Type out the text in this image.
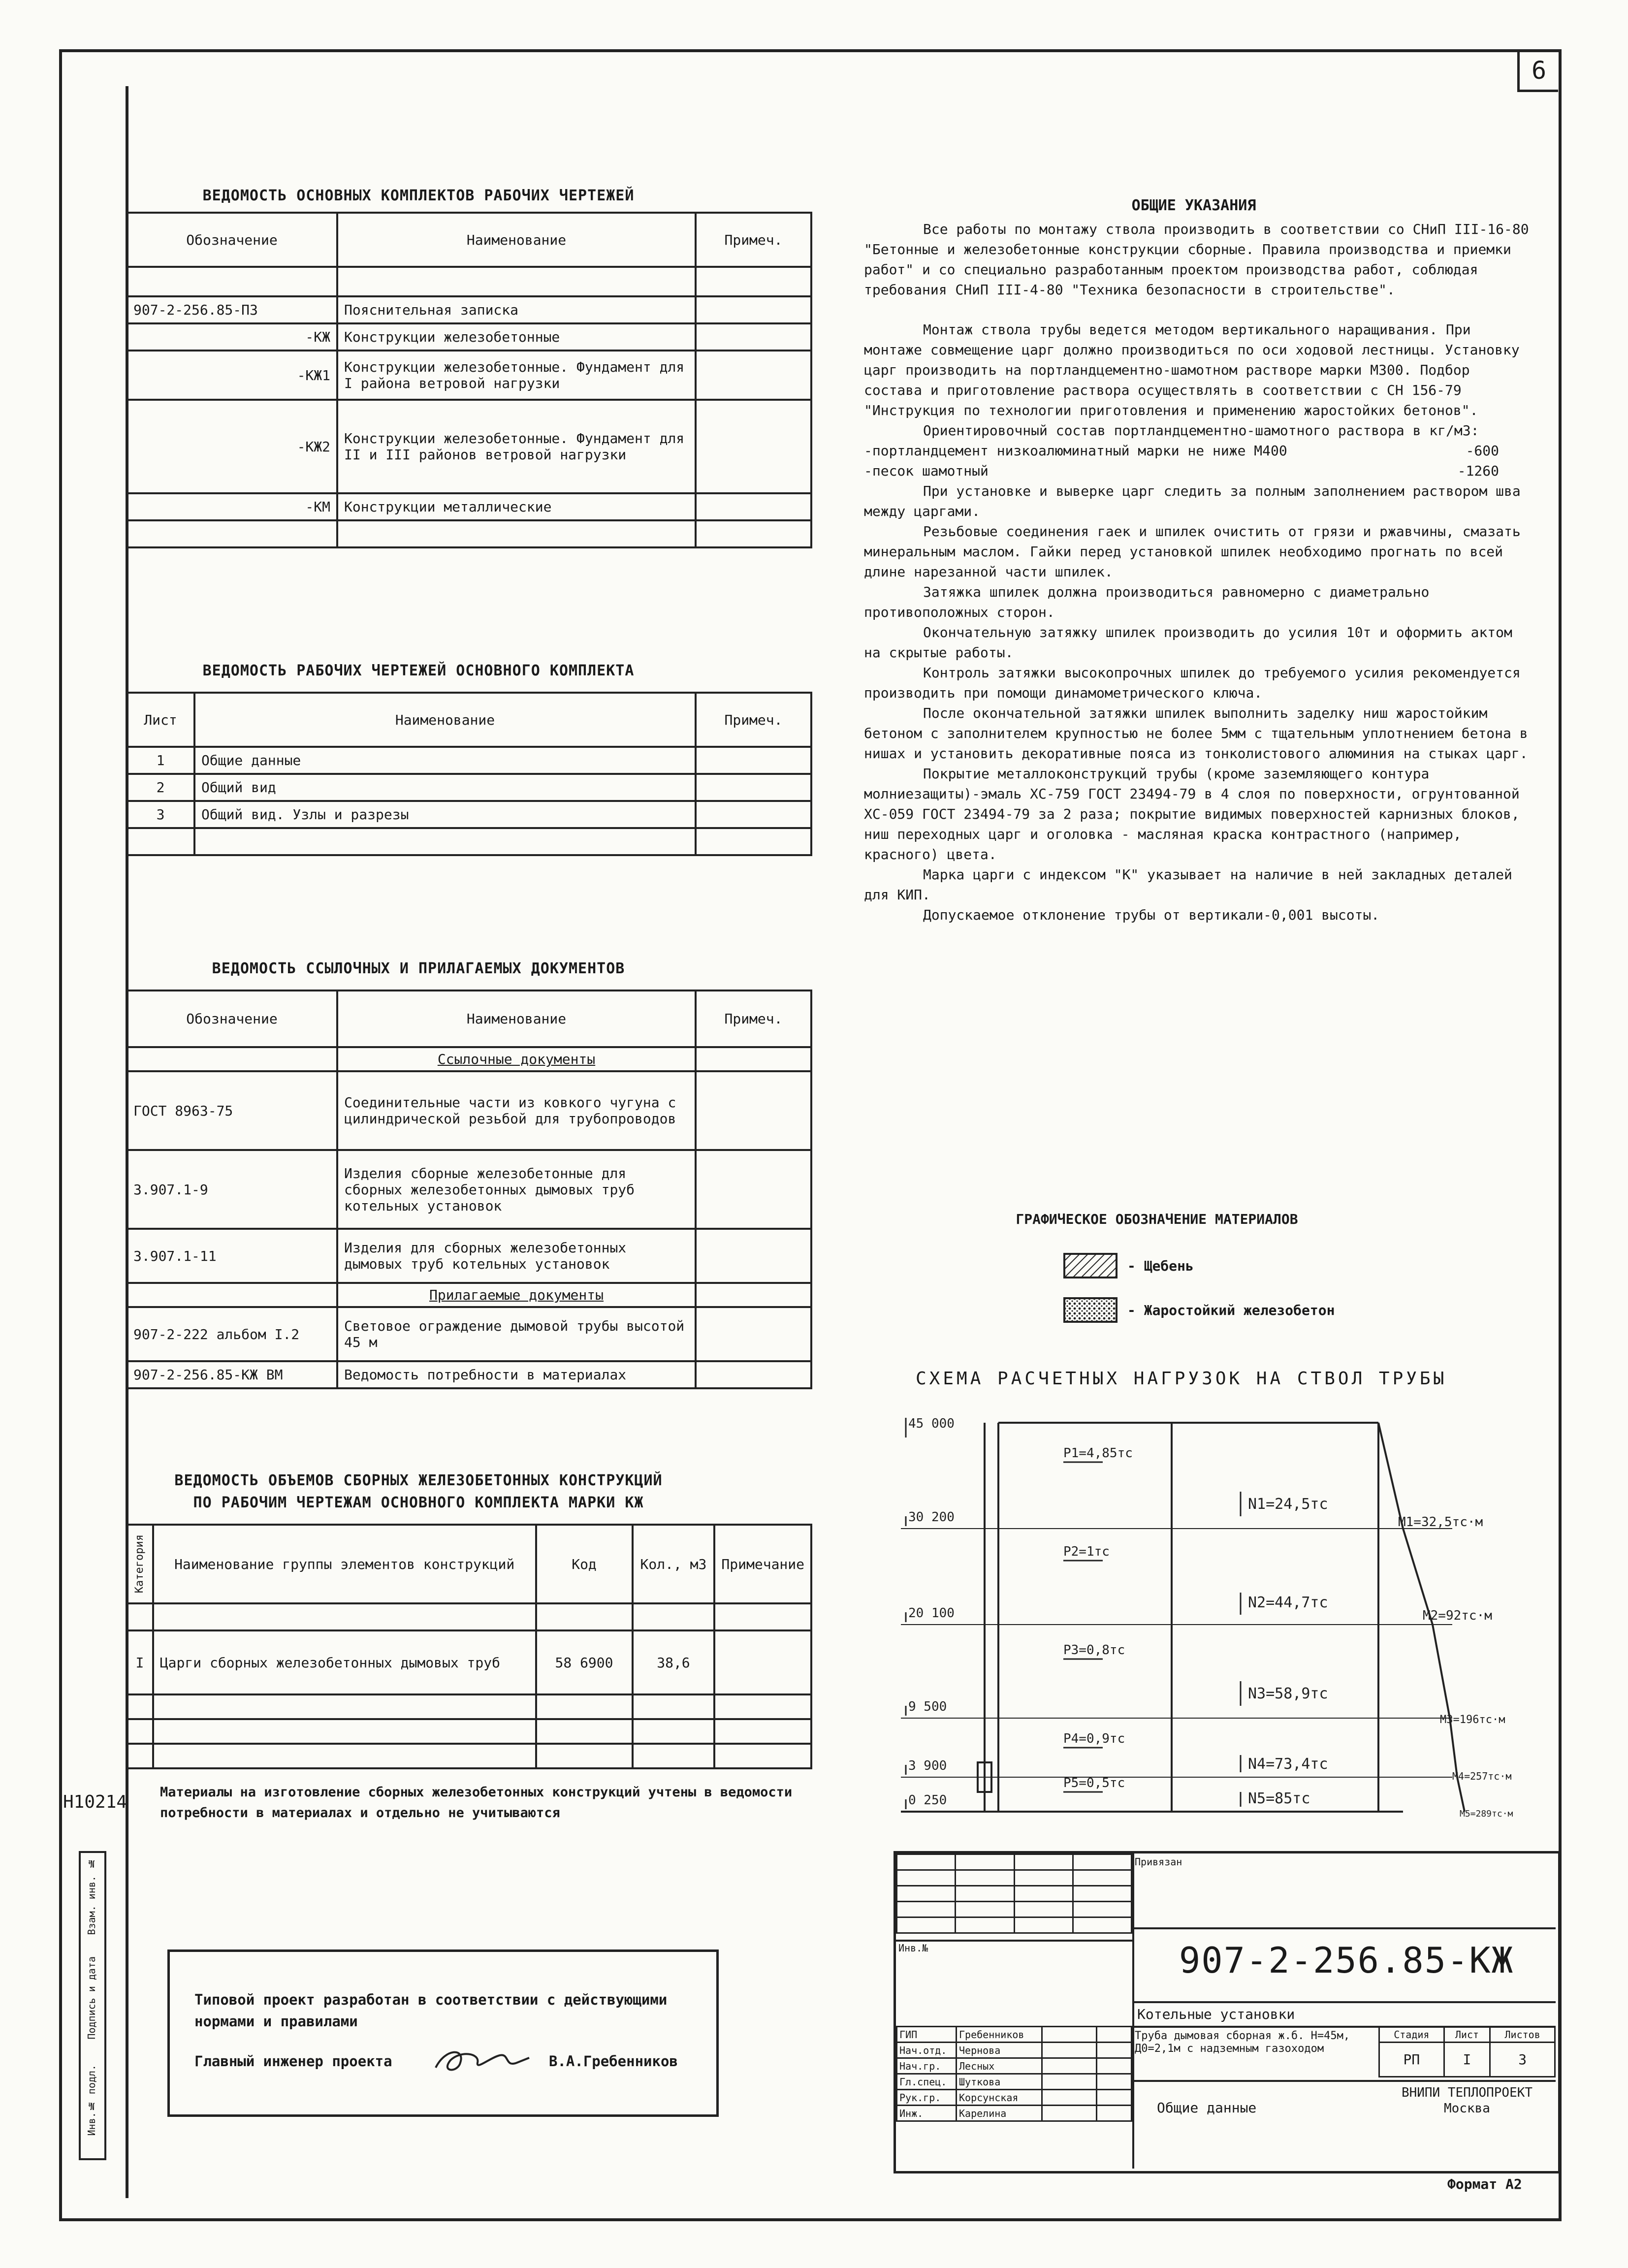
6
Н10214
ВЕДОМОСТЬ ОСНОВНЫХ КОМПЛЕКТОВ РАБОЧИХ ЧЕРТЕЖЕЙ
Обозначение	Наименование	Примеч.

907-2-256.85-ПЗ	Пояснительная записка	
-КЖ	Конструкции железобетонные	
-КЖ1	Конструкции железобетонные. Фундамент для I района ветровой нагрузки	
-КЖ2	Конструкции железобетонные. Фундамент для II и III районов ветровой нагрузки	
-КМ	Конструкции металлические	

ВЕДОМОСТЬ РАБОЧИХ ЧЕРТЕЖЕЙ ОСНОВНОГО КОМПЛЕКТА
Лист	Наименование	Примеч.
1	Общие данные	
2	Общий вид	
3	Общий вид. Узлы и разрезы	

ВЕДОМОСТЬ ССЫЛОЧНЫХ И ПРИЛАГАЕМЫХ ДОКУМЕНТОВ
Обозначение	Наименование	Примеч.
	Ссылочные документы	
ГОСТ 8963-75	Соединительные части из ковкого чугуна с цилиндрической резьбой для трубопроводов	
3.907.1-9	Изделия сборные железобетонные для сборных железобетонных дымовых труб котельных установок	
3.907.1-11	Изделия для сборных железобетонных дымовых труб котельных установок	
	Прилагаемые документы	
907-2-222 альбом I.2	Световое ограждение дымовой трубы высотой 45 м	
907-2-256.85-КЖ ВМ	Ведомость потребности в материалах	
ВЕДОМОСТЬ ОБЪЕМОВ СБОРНЫХ ЖЕЛЕЗОБЕТОННЫХ КОНСТРУКЦИЙ
ПО РАБОЧИМ ЧЕРТЕЖАМ ОСНОВНОГО КОМПЛЕКТА МАРКИ КЖ
Категория	Наименование группы элементов конструкций	Код	Кол., м3	Примечание

I	Царги сборных железобетонных дымовых труб	58 6900	38,6	

Материалы на изготовление сборных железобетонных конструкций учтены в ведомости потребности в материалах и отдельно не учитываются
ОБЩИЕ УКАЗАНИЯ

Все работы по монтажу ствола производить в соответствии со СНиП III-16-80 "Бетонные и железобетонные конструкции сборные. Правила производства и приемки работ" и со специально разработанным проектом производства работ, соблюдая требования СНиП III-4-80 "Техника безопасности в строительстве".

Монтаж ствола трубы ведется методом вертикального наращивания. При монтаже совмещение царг должно производиться по оси ходовой лестницы. Установку царг производить на портландцементно-шамотном растворе марки М300. Подбор состава и приготовление раствора осуществлять в соответствии с СН 156-79 "Инструкция по технологии приготовления и применению жаростойких бетонов".

Ориентировочный состав портландцементно-шамотного раствора в кг/м3:

-портландцемент низкоалюминатный марки не ниже М400	-600
-песок шамотный	-1260

При установке и выверке царг следить за полным заполнением раствором шва между царгами.

Резьбовые соединения гаек и шпилек очистить от грязи и ржавчины, смазать минеральным маслом. Гайки перед установкой шпилек необходимо прогнать по всей длине нарезанной части шпилек.

Затяжка шпилек должна производиться равномерно с диаметрально противоположных сторон.

Окончательную затяжку шпилек производить до усилия 10т и оформить актом на скрытые работы.

Контроль затяжки высокопрочных шпилек до требуемого усилия рекомендуется производить при помощи динамометрического ключа.

После окончательной затяжки шпилек выполнить заделку ниш жаростойким бетоном с заполнителем крупностью не более 5мм с тщательным уплотнением бетона в нишах и установить декоративные пояса из тонколистового алюминия на стыках царг.

Покрытие металлоконструкций трубы (кроме заземляющего контура молниезащиты)-эмаль ХС-759 ГОСТ 23494-79 в 4 слоя по поверхности, огрунтованной ХС-059 ГОСТ 23494-79 за 2 раза; покрытие видимых поверхностей карнизных блоков, ниш переходных царг и оголовка - масляная краска контрастного (например, красного) цвета.

Марка царги с индексом "К" указывает на наличие в ней закладных деталей для КИП.

Допускаемое отклонение трубы от вертикали-0,001 высоты.

ГРАФИЧЕСКОЕ ОБОЗНАЧЕНИЕ МАТЕРИАЛОВ
- Щебень
- Жаростойкий железобетон
СХЕМА РАСЧЕТНЫХ НАГРУЗОК НА СТВОЛ ТРУБЫ
45 000
30 200
20 100
9 500
3 900
0 250
P1=4,85тс
P2=1тс
P3=0,8тс
P4=0,9тс
P5=0,5тс
N1=24,5тс
N2=44,7тс
N3=58,9тс
N4=73,4тс
N5=85тс
M1=32,5тс·м
M2=92тс·м
M3=196тс·м
M4=257тс·м
M5=289тс·м
Взам. инв. №
Подпись и дата
Инв.№ подл.
Типовой проект разработан в соответствии с действующими нормами и правилами
Главный инженер проекта	В.А.Гребенников

Привязан
Инв.№	907-2-256.85-КЖ
Котельные установки
Труба дымовая сборная ж.б. Н=45м, Д0=2,1м с надземным газоходом
Стадия	Лист	Листов
РП	I	3
Общие данные
ВНИПИ ТЕПЛОПРОЕКТ Москва
ГИП	Гребенников		
Нач.отд.	Чернова		
Нач.гр.	Лесных		
Гл.спец.	Шуткова		
Рук.гр.	Корсунская		
Инж.	Карелина		
Формат А2
